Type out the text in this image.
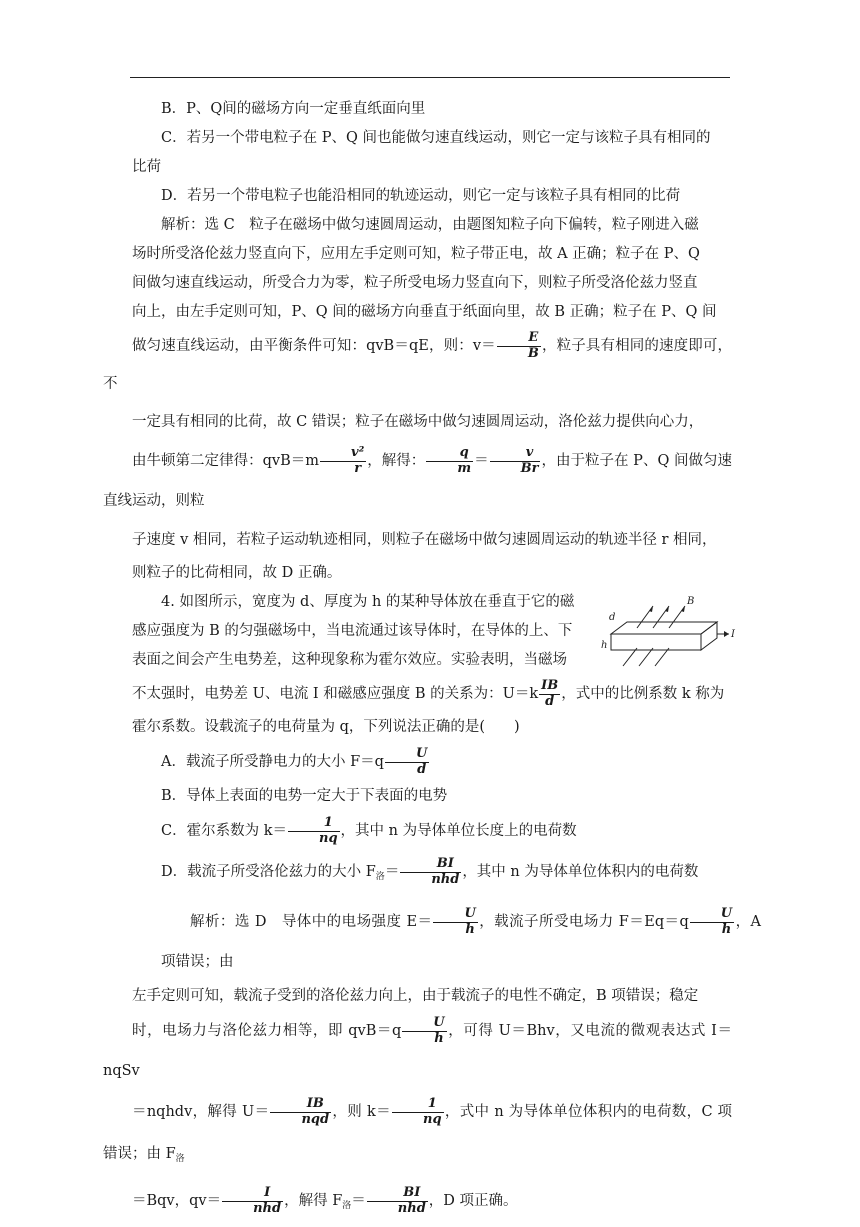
B．P、Q间的磁场方向一定垂直纸面向里

C．若另一个带电粒子在 P、Q 间也能做匀速直线运动，则它一定与该粒子具有相同的
比荷

D．若另一个带电粒子也能沿相同的轨迹运动，则它一定与该粒子具有相同的比荷

解析：选 C　粒子在磁场中做匀速圆周运动，由题图知粒子向下偏转，粒子刚进入磁
场时所受洛伦兹力竖直向下，应用左手定则可知，粒子带正电，故 A 正确；粒子在 P、Q
间做匀速直线运动，所受合力为零，粒子所受电场力竖直向下，则粒子所受洛伦兹力竖直
向上，由左手定则可知，P、Q 间的磁场方向垂直于纸面向里，故 B 正确；粒子在 P、Q 间
做匀速直线运动，由平衡条件可知：qvB＝qE，则：$v= \frac{E}{B}$ ，粒子具有相同的速度即可，不
一定具有相同的比荷，故 C 错误；粒子在磁场中做匀速圆周运动，洛伦兹力提供向心力，
由牛顿第二定律得：$qvB=m \frac{\text{v²}}{r}$ ，解得： $\frac{q}{m} = \frac{v}{Br}$ ，由于粒子在 P、Q 间做匀速直线运动，则粒
子速度 v 相同，若粒子运动轨迹相同，则粒子在磁场中做匀速圆周运动的轨迹半径 r 相同，
则粒子的比荷相同，故 D 正确。

4. 如图所示，宽度为 d、厚度为 h 的某种导体放在垂直于它的磁

感应强度为 B 的匀强磁场中，当电流通过该导体时，在导体的上、下

表面之间会产生电势差，这种现象称为霍尔效应。实验表明，当磁场

B
d
h
I

不太强时，电势差 U、电流 I 和磁感应强度 B 的关系为：$U=k \frac{IB}{d}$ ，式中的比例系数 k 称为

霍尔系数。设载流子的电荷量为 q，下列说法正确的是(　　)

A．载流子所受静电力的大小 $F=q \frac{U}{d}$

B．导体上表面的电势一定大于下表面的电势

C．霍尔系数为 $k= \frac{1}{nq}$ ，其中 n 为导体单位长度上的电荷数

D．载流子所受洛伦兹力的大小 $F_洛= \frac{BI}{\text{nhd}}$ ，其中 n 为导体单位体积内的电荷数

解析：选 D　导体中的电场强度 $E= \frac{U}{h}$ ，载流子所受电场力 $F=Eq=q \frac{U}{h}$ ，A 项错误；由
左手定则可知，载流子受到的洛伦兹力向上，由于载流子的电性不确定，B 项错误；稳定
时，电场力与洛伦兹力相等，即 $qvB=q \frac{U}{h}$ ，可得 U＝Bhv，又电流的微观表达式 I＝nqSv
＝nqhdv，解得 $U= \frac{IB}{\text{nqd}}$ ，则 $k= \frac{1}{nq}$ ，式中 n 为导体单位体积内的电荷数，C 项错误；由 $F_洛$
＝Bqv，$qv= \frac{I}{\text{nhd}}$ ，解得 $F_洛= \frac{BI}{\text{nhd}}$ ，D 项正确。
